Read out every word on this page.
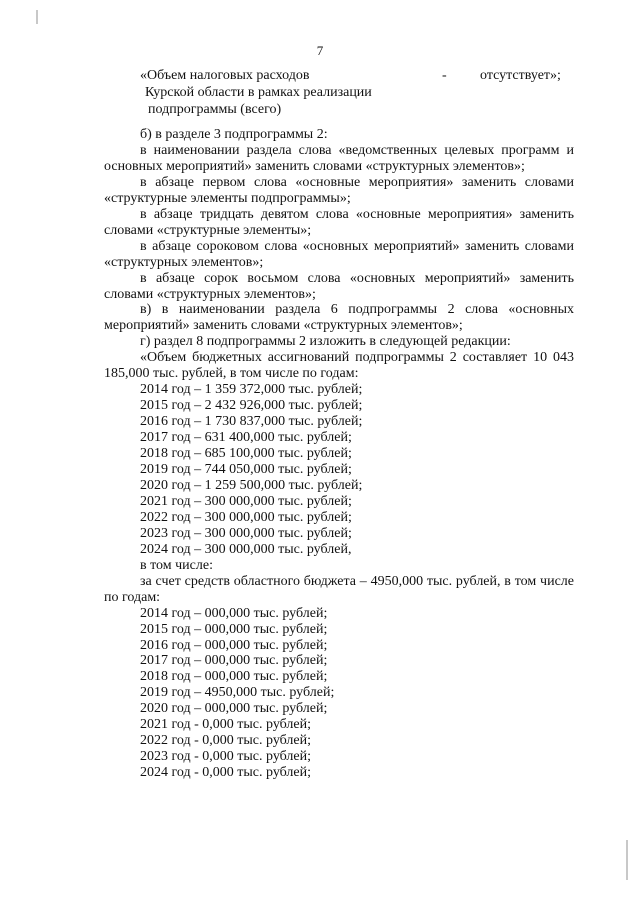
7
«Объем налоговых расходов
Курской области в рамках реализации
подпрограммы (всего)
- отсутствует»;

б) в разделе 3 подпрограммы 2:

в наименовании раздела слова «ведомственных целевых программ и основных мероприятий» заменить словами «структурных элементов»;

в абзаце первом слова «основные мероприятия» заменить словами «структурные элементы подпрограммы»;

в абзаце тридцать девятом слова «основные мероприятия» заменить словами «структурные элементы»;

в абзаце сороковом слова «основных мероприятий» заменить словами «структурных элементов»;

в абзаце сорок восьмом слова «основных мероприятий» заменить словами «структурных элементов»;

в) в наименовании раздела 6 подпрограммы 2 слова «основных мероприятий» заменить словами «структурных элементов»;

г) раздел 8 подпрограммы 2 изложить в следующей редакции:

«Объем бюджетных ассигнований подпрограммы 2 составляет 10 043 185,000 тыс. рублей, в том числе по годам:

2014 год – 1 359 372,000 тыс. рублей;

2015 год – 2 432 926,000 тыс. рублей;

2016 год – 1 730 837,000 тыс. рублей;

2017 год – 631 400,000 тыс. рублей;

2018 год – 685 100,000 тыс. рублей;

2019 год – 744 050,000 тыс. рублей;

2020 год – 1 259 500,000 тыс. рублей;

2021 год – 300 000,000 тыс. рублей;

2022 год – 300 000,000 тыс. рублей;

2023 год – 300 000,000 тыс. рублей;

2024 год – 300 000,000 тыс. рублей,

в том числе:

за счет средств областного бюджета – 4950,000 тыс. рублей, в том числе по годам:

2014 год – 000,000 тыс. рублей;

2015 год – 000,000 тыс. рублей;

2016 год – 000,000 тыс. рублей;

2017 год – 000,000 тыс. рублей;

2018 год – 000,000 тыс. рублей;

2019 год – 4950,000 тыс. рублей;

2020 год – 000,000 тыс. рублей;

2021 год - 0,000 тыс. рублей;

2022 год - 0,000 тыс. рублей;

2023 год - 0,000 тыс. рублей;

2024 год - 0,000 тыс. рублей;
